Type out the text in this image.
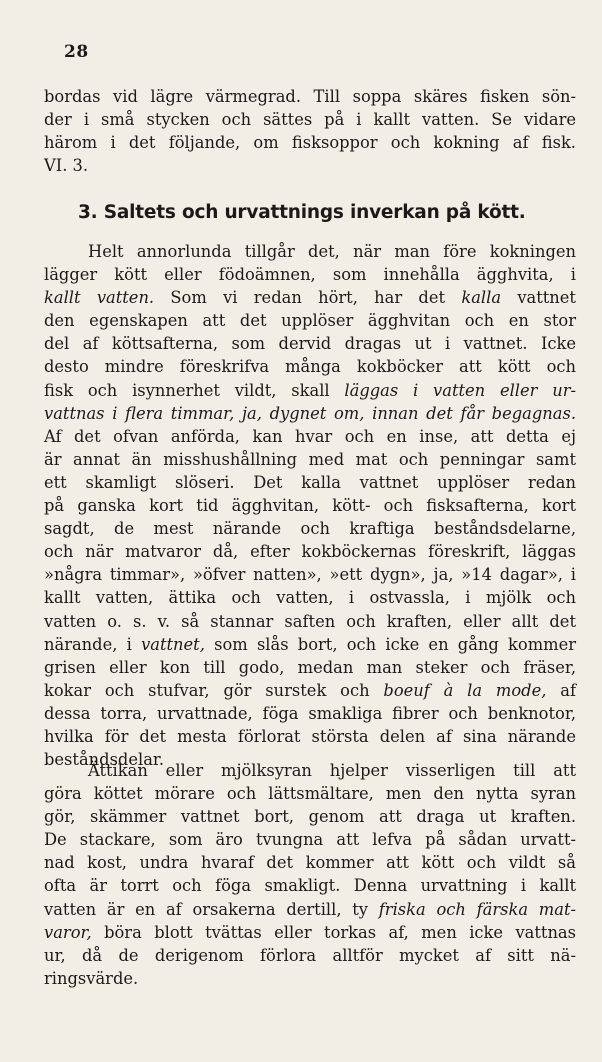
28
bordas vid lägre värmegrad. Till soppa skäres fisken sön-
der i små stycken och sättes på i kallt vatten. Se vidare
härom i det följande, om fisksoppor och kokning af fisk.
VI. 3.
3. Saltets och urvattnings inverkan på kött.
Helt annorlunda tillgår det, när man före kokningen
lägger kött eller födoämnen, som innehålla ägghvita, i
kallt vatten. Som vi redan hört, har det kalla vattnet
den egenskapen att det upplöser ägghvitan och en stor
del af köttsafterna, som dervid dragas ut i vattnet. Icke
desto mindre föreskrifva många kokböcker att kött och
fisk och isynnerhet vildt, skall läggas i vatten eller ur-
vattnas i flera timmar, ja, dygnet om, innan det får begagnas.
Af det ofvan anförda, kan hvar och en inse, att detta ej
är annat än misshushållning med mat och penningar samt
ett skamligt slöseri. Det kalla vattnet upplöser redan
på ganska kort tid ägghvitan, kött- och fisksafterna, kort
sagdt, de mest närande och kraftiga beståndsdelarne,
och när matvaror då, efter kokböckernas föreskrift, läggas
»några timmar», »öfver natten», »ett dygn», ja, »14 dagar», i
kallt vatten, ättika och vatten, i ostvassla, i mjölk och
vatten o. s. v. så stannar saften och kraften, eller allt det
närande, i vattnet, som slås bort, och icke en gång kommer
grisen eller kon till godo, medan man steker och fräser,
kokar och stufvar, gör surstek och boeuf à la mode, af
dessa torra, urvattnade, föga smakliga fibrer och benknotor,
hvilka för det mesta förlorat största delen af sina närande
beståndsdelar.
Ättikan eller mjölksyran hjelper visserligen till att
göra köttet mörare och lättsmältare, men den nytta syran
gör, skämmer vattnet bort, genom att draga ut kraften.
De stackare, som äro tvungna att lefva på sådan urvatt-
nad kost, undra hvaraf det kommer att kött och vildt så
ofta är torrt och föga smakligt. Denna urvattning i kallt
vatten är en af orsakerna dertill, ty friska och färska mat-
varor, böra blott tvättas eller torkas af, men icke vattnas
ur, då de derigenom förlora alltför mycket af sitt nä-
ringsvärde.
